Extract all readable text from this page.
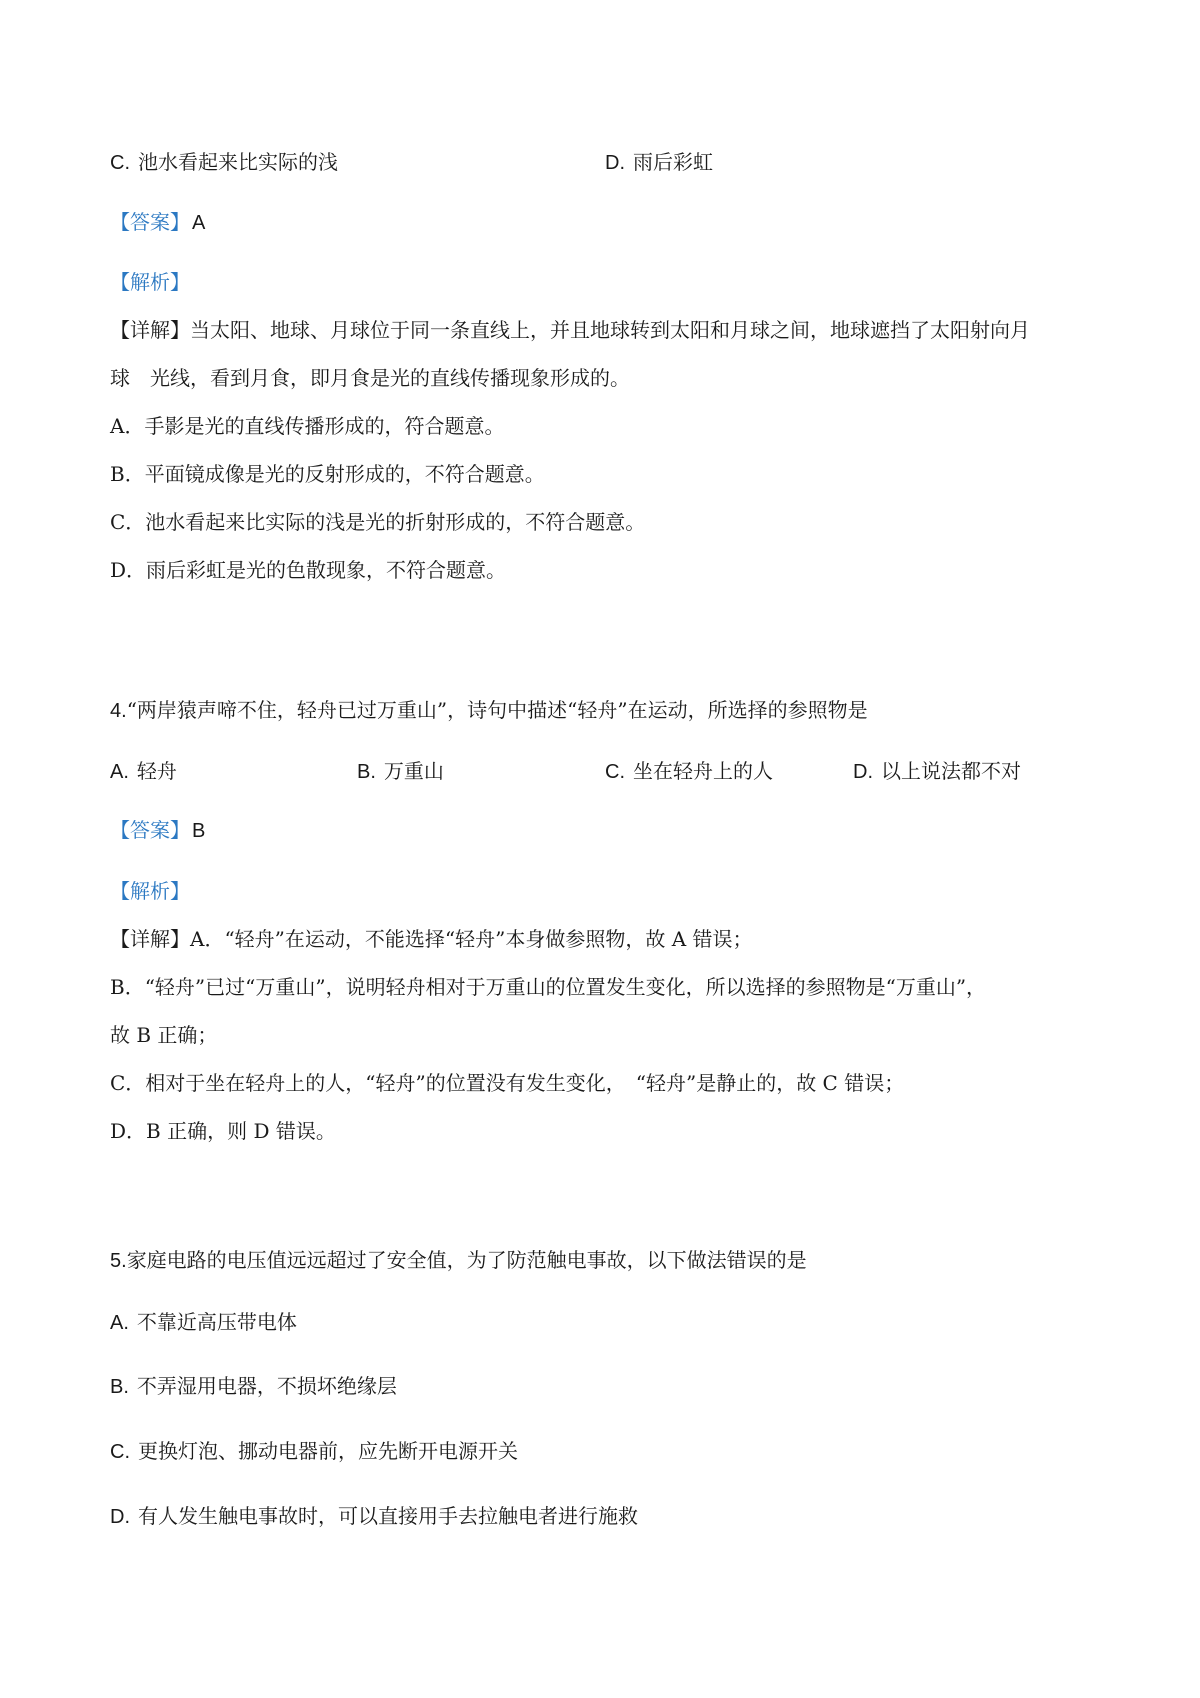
C. 池水看起来比实际的浅	D. 雨后彩虹
【答案】 A
【解析】
【详解】当太阳、地球、月球位于同一条直线上，并且地球转到太阳和月球之间，地球遮挡了太阳射向月
球　光线，看到月食，即月食是光的直线传播现象形成的。
A．手影是光的直线传播形成的，符合题意。
B．平面镜成像是光的反射形成的，不符合题意。
C．池水看起来比实际的浅是光的折射形成的，不符合题意。
D．雨后彩虹是光的色散现象，不符合题意。
4.“两岸猿声啼不住，轻舟已过万重山”，诗句中描述“轻舟”在运动，所选择的参照物是
A. 轻舟	B. 万重山	C. 坐在轻舟上的人	D. 以上说法都不对
【答案】 B
【解析】
【详解】A．“轻舟”在运动，不能选择“轻舟”本身做参照物，故 A 错误；
B．“轻舟”已过“万重山”，说明轻舟相对于万重山的位置发生变化，所以选择的参照物是“万重山”，
故 B 正确；
C．相对于坐在轻舟上的人，“轻舟”的位置没有发生变化，　“轻舟”是静止的，故 C 错误；
D．B 正确，则 D 错误。
5.家庭电路的电压值远远超过了安全值，为了防范触电事故，以下做法错误的是
A. 不靠近高压带电体
B. 不弄湿用电器，不损坏绝缘层
C. 更换灯泡、挪动电器前，应先断开电源开关
D. 有人发生触电事故时，可以直接用手去拉触电者进行施救
